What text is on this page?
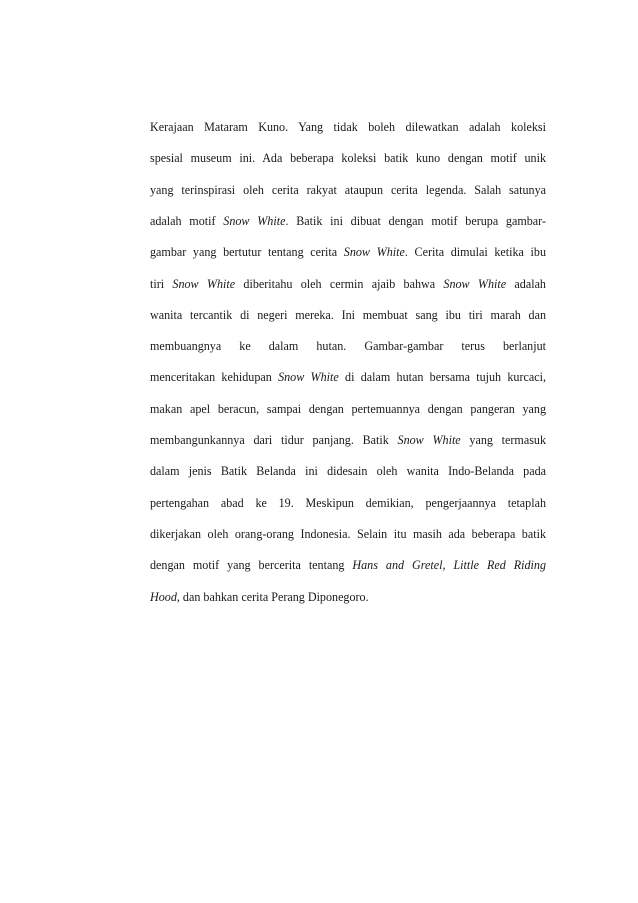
Kerajaan Mataram Kuno. Yang tidak boleh dilewatkan adalah koleksi
spesial museum ini. Ada beberapa koleksi batik kuno dengan motif unik
yang terinspirasi oleh cerita rakyat ataupun cerita legenda. Salah satunya
adalah motif Snow White. Batik ini dibuat dengan motif berupa gambar-
gambar yang bertutur tentang cerita Snow White. Cerita dimulai ketika ibu
tiri Snow White diberitahu oleh cermin ajaib bahwa Snow White adalah
wanita tercantik di negeri mereka. Ini membuat sang ibu tiri marah dan
membuangnya ke dalam hutan. Gambar-gambar terus berlanjut
menceritakan kehidupan Snow White di dalam hutan bersama tujuh kurcaci,
makan apel beracun, sampai dengan pertemuannya dengan pangeran yang
membangunkannya dari tidur panjang. Batik Snow White yang termasuk
dalam jenis Batik Belanda ini didesain oleh wanita Indo-Belanda pada
pertengahan abad ke 19. Meskipun demikian, pengerjaannya tetaplah
dikerjakan oleh orang-orang Indonesia. Selain itu masih ada beberapa batik
dengan motif yang bercerita tentang Hans and Gretel, Little Red Riding
Hood, dan bahkan cerita Perang Diponegoro.
